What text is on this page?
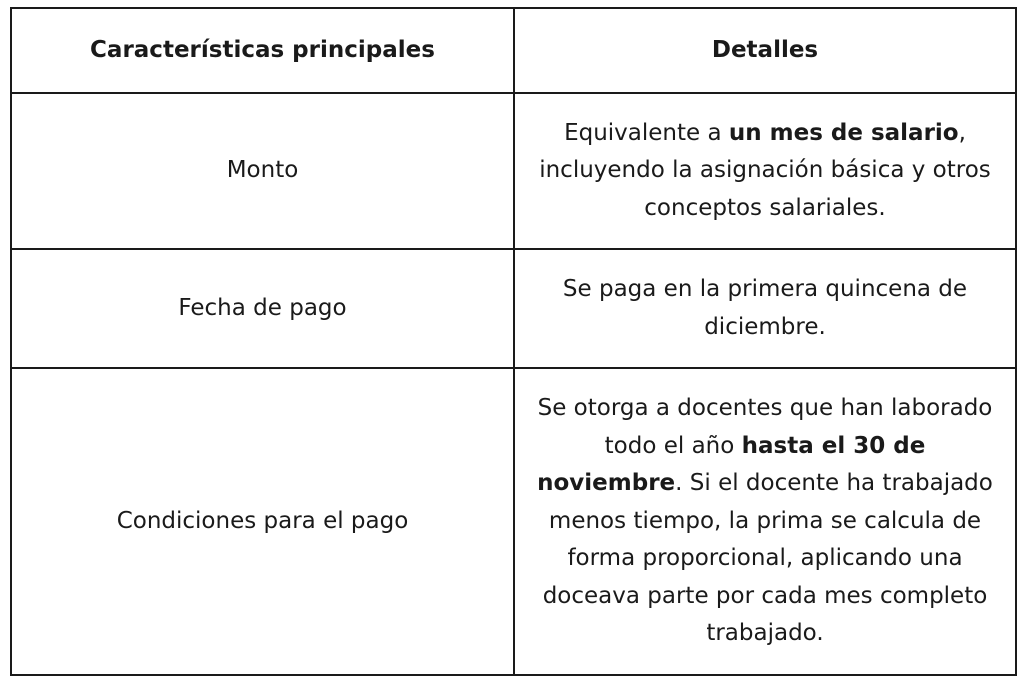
Características principales	Detalles
Monto	Equivalente a un mes de salario, incluyendo la asignación básica y otros conceptos salariales.
Fecha de pago	Se paga en la primera quincena de diciembre.
Condiciones para el pago	Se otorga a docentes que han laborado todo el año hasta el 30 de noviembre. Si el docente ha trabajado menos tiempo, la prima se calcula de forma proporcional, aplicando una doceava parte por cada mes completo trabajado.
